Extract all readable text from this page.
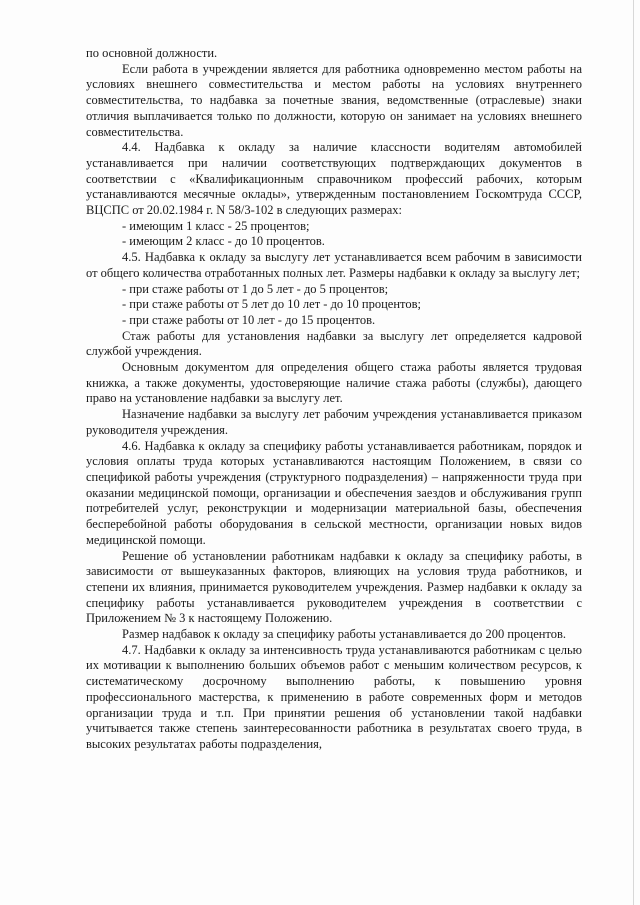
по основной должности.

Если работа в учреждении является для работника одновременно местом работы на условиях внешнего совместительства и местом работы на условиях внутреннего совместительства, то надбавка за почетные звания, ведомственные (отраслевые) знаки отличия выплачивается только по должности, которую он занимает на условиях внешнего совместительства.

4.4. Надбавка к окладу за наличие классности водителям автомобилей устанавливается при наличии соответствующих подтверждающих документов в соответствии с «Квалификационным справочником профессий рабочих, которым устанавливаются месячные оклады», утвержденным постановлением Госкомтруда СССР, ВЦСПС от 20.02.1984 г. N 58/3-102 в следующих размерах:

- имеющим 1 класс - 25 процентов;

- имеющим 2 класс - до 10 процентов.

4.5. Надбавка к окладу за выслугу лет устанавливается всем рабочим в зависимости от общего количества отработанных полных лет. Размеры надбавки к окладу за выслугу лет;

- при стаже работы от 1 до 5 лет - до 5 процентов;

- при стаже работы от 5 лет до 10 лет - до 10 процентов;

- при стаже работы от 10 лет - до 15 процентов.

Стаж работы для установления надбавки за выслугу лет определяется кадровой службой учреждения.

Основным документом для определения общего стажа работы является трудовая книжка, а также документы, удостоверяющие наличие стажа работы (службы), дающего право на установление надбавки за выслугу лет.

Назначение надбавки за выслугу лет рабочим учреждения устанавливается приказом руководителя учреждения.

4.6. Надбавка к окладу за специфику работы устанавливается работникам, порядок и условия оплаты труда которых устанавливаются настоящим Положением, в связи со спецификой работы учреждения (структурного подразделения) – напряженности труда при оказании медицинской помощи, организации и обеспечения заездов и обслуживания групп потребителей услуг, реконструкции и модернизации материальной базы, обеспечения бесперебойной работы оборудования в сельской местности, организации новых видов медицинской помощи.

Решение об установлении работникам надбавки к окладу за специфику работы, в зависимости от вышеуказанных факторов, влияющих на условия труда работников, и степени их влияния, принимается руководителем учреждения. Размер надбавки к окладу за специфику работы устанавливается руководителем учреждения в соответствии с Приложением № 3 к настоящему Положению.

Размер надбавок к окладу за специфику работы устанавливается до 200 процентов.

4.7. Надбавки к окладу за интенсивность труда устанавливаются работникам с целью их мотивации к выполнению больших объемов работ с меньшим количеством ресурсов, к систематическому досрочному выполнению работы, к повышению уровня профессионального мастерства, к применению в работе современных форм и методов организации труда и т.п. При принятии решения об установлении такой надбавки учитывается также степень заинтересованности работника в результатах своего труда, в высоких результатах работы подразделения,
